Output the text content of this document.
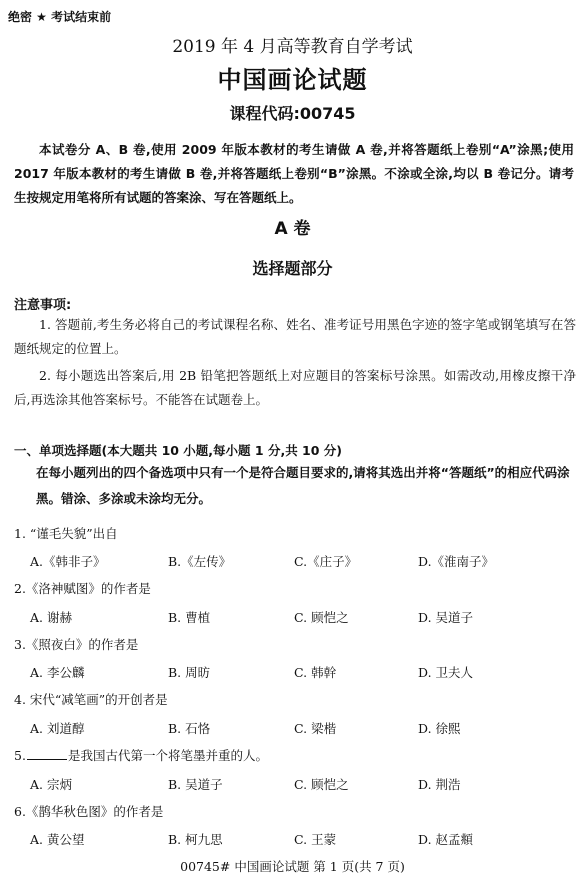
绝密 ★ 考试结束前
2019 年 4 月高等教育自学考试
中国画论试题
课程代码:00745
本试卷分 A、B 卷,使用 2009 年版本教材的考生请做 A 卷,并将答题纸上卷别“A”涂黑;使用 2017 年版本教材的考生请做 B 卷,并将答题纸上卷别“B”涂黑。不涂或全涂,均以 B 卷记分。请考生按规定用笔将所有试题的答案涂、写在答题纸上。
A 卷
选择题部分
注意事项:
1. 答题前,考生务必将自己的考试课程名称、姓名、准考证号用黑色字迹的签字笔或钢笔填写在答题纸规定的位置上。
2. 每小题选出答案后,用 2B 铅笔把答题纸上对应题目的答案标号涂黑。如需改动,用橡皮擦干净后,再选涂其他答案标号。不能答在试题卷上。
一、单项选择题(本大题共 10 小题,每小题 1 分,共 10 分)
在每小题列出的四个备选项中只有一个是符合题目要求的,请将其选出并将“答题纸”的相应代码涂黑。错涂、多涂或未涂均无分。
1. “谨毛失貌”出自
A.《韩非子》	B.《左传》	C.《庄子》	D.《淮南子》
2.《洛神赋图》的作者是
A. 谢赫	B. 曹植	C. 顾恺之	D. 吴道子
3.《照夜白》的作者是
A. 李公麟	B. 周昉	C. 韩幹	D. 卫夫人
4. 宋代“减笔画”的开创者是
A. 刘道醇	B. 石恪	C. 梁楷	D. 徐熙
5.	是我国古代第一个将笔墨并重的人。
A. 宗炳	B. 吴道子	C. 顾恺之	D. 荆浩
6.《鹊华秋色图》的作者是
A. 黄公望	B. 柯九思	C. 王蒙	D. 赵孟頫
00745# 中国画论试题 第 1 页(共 7 页)
